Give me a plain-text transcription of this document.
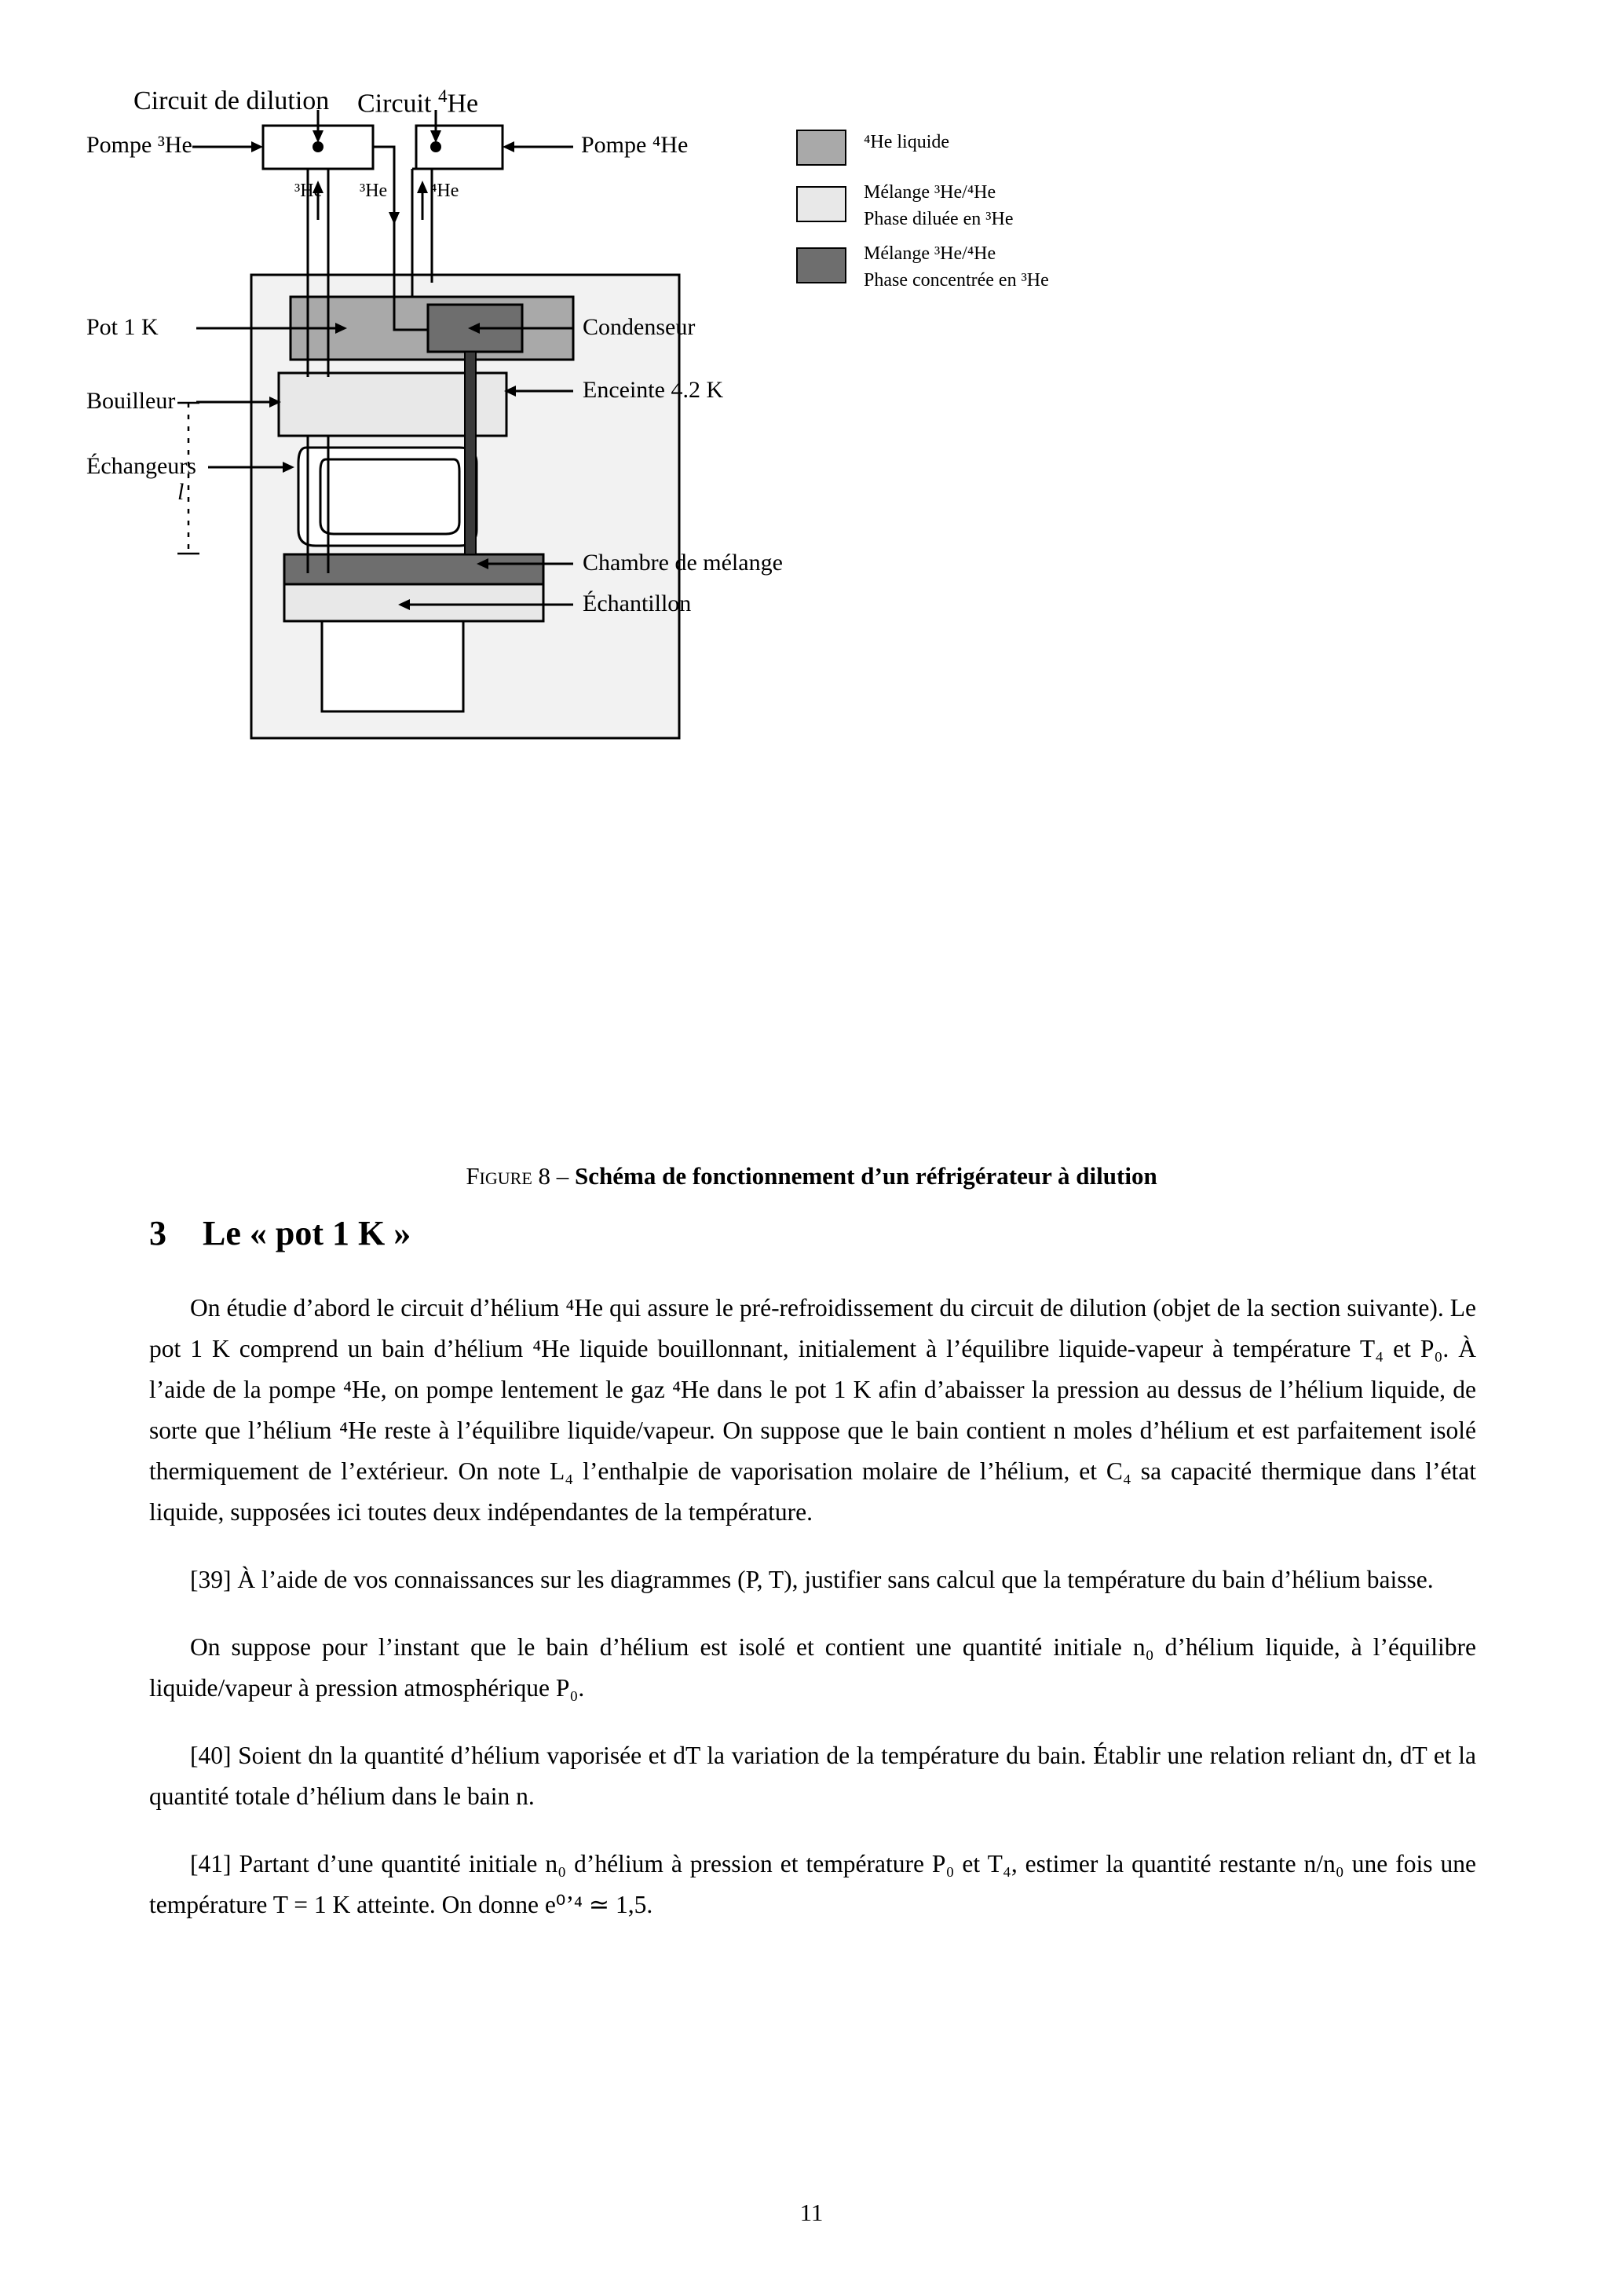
Circuit de dilution Circuit $^4$He
Pompe ³He	Pompe ⁴He
³He ³He ⁴He
Pot 1 K
Bouilleur
Échangeurs
l
Condenseur
Enceinte 4.2 K
Chambre de mélange
Échantillon
⁴He liquide
Mélange ³He/⁴He
Phase diluée en ³He
Mélange ³He/⁴He
Phase concentrée en ³He
Figure 8 – Schéma de fonctionnement d’un réfrigérateur à dilution
3 Le « pot 1 K »

On étudie d’abord le circuit d’hélium ⁴He qui assure le pré-refroidissement du circuit de dilution (objet de la section suivante). Le pot 1 K comprend un bain d’hélium ⁴He liquide bouillonnant, initialement à l’équilibre liquide-vapeur à température T₄ et P₀. À l’aide de la pompe ⁴He, on pompe lentement le gaz ⁴He dans le pot 1 K afin d’abaisser la pression au dessus de l’hélium liquide, de sorte que l’hélium ⁴He reste à l’équilibre liquide/vapeur. On suppose que le bain contient n moles d’hélium et est parfaitement isolé thermiquement de l’extérieur. On note L₄ l’enthalpie de vaporisation molaire de l’hélium, et C₄ sa capacité thermique dans l’état liquide, supposées ici toutes deux indépendantes de la température.

[39] À l’aide de vos connaissances sur les diagrammes (P, T), justifier sans calcul que la température du bain d’hélium baisse.

On suppose pour l’instant que le bain d’hélium est isolé et contient une quantité initiale n₀ d’hélium liquide, à l’équilibre liquide/vapeur à pression atmosphérique P₀.

[40] Soient dn la quantité d’hélium vaporisée et dT la variation de la température du bain. Établir une relation reliant dn, dT et la quantité totale d’hélium dans le bain n.

[41] Partant d’une quantité initiale n₀ d’hélium à pression et température P₀ et T₄, estimer la quantité restante n/n₀ une fois une température T = 1 K atteinte. On donne e⁰’⁴ ≃ 1,5.

11
